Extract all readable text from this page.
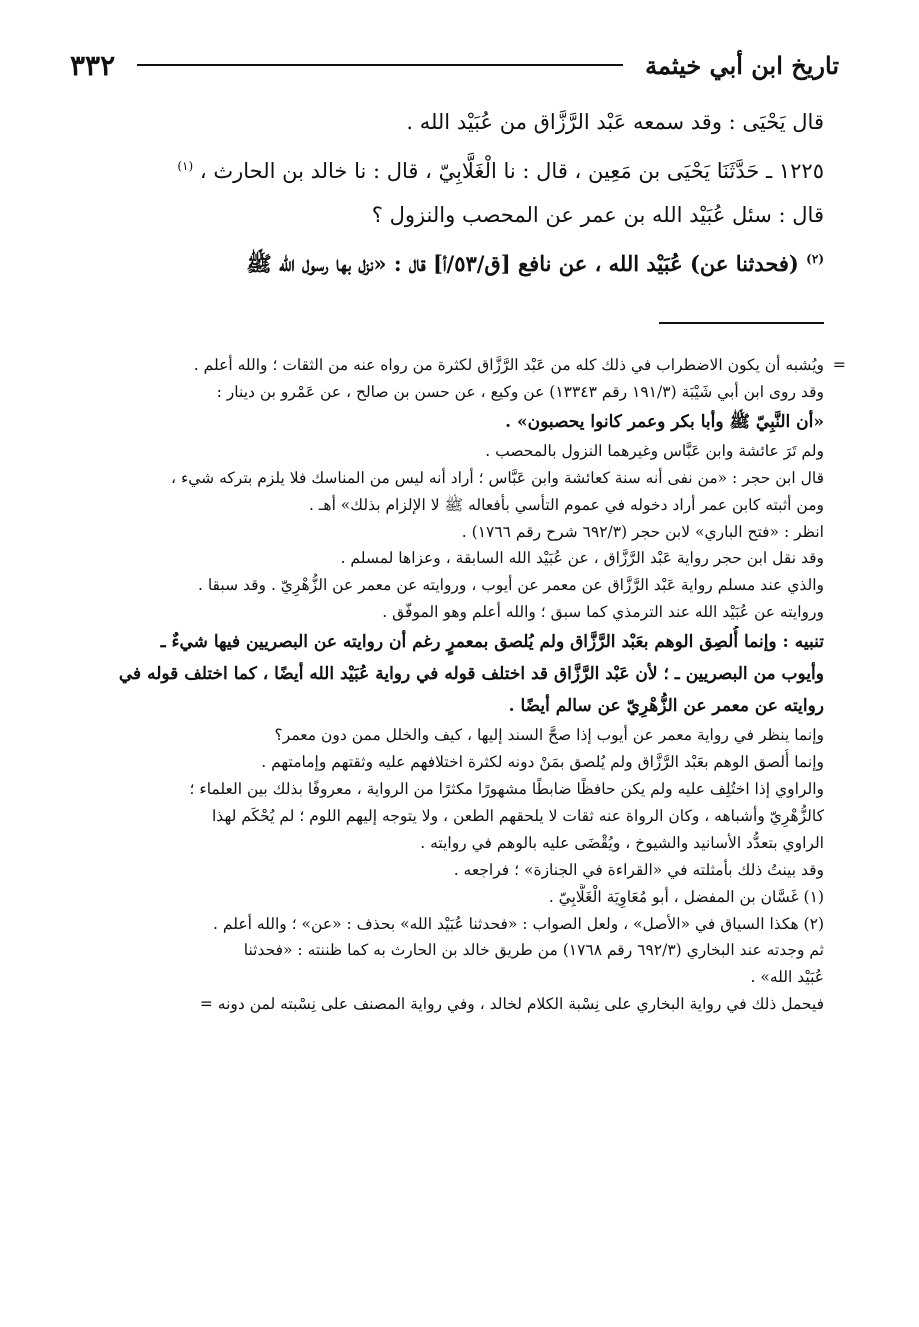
تاريخ ابن أبي خيثمة
٣٣٢

قال يَحْيَى : وقد سمعه عَبْد الرَّزَّاق من عُبَيْد الله .

١٢٢٥ ـ حَدَّثَنَا يَحْيَى بن مَعِين ، قال : نا الْغَلَّابِيّ ، قال : نا خالد بن الحارث ، $^{(١)}$

قال : سئل عُبَيْد الله بن عمر عن المحصب والنزول ؟

$^{(٢)}$ (فحدثنا عن) عُبَيْد الله ، عن نافع [ق/٥٣/أ] قال : «نزل بها رسول الله ﷺ

=

ويُشبه أن يكون الاضطراب في ذلك كله من عَبْد الرَّزَّاق لكثرة من رواه عنه من الثقات ؛ والله أعلم .

وقد روى ابن أبي شَيْبَة (١٩١/٣ رقم ١٣٣٤٣) عن وكيع ، عن حسن بن صالح ، عن عَمْرو بن دينار :

«أن النَّبِيّ ﷺ وأبا بكر وعمر كانوا يحصبون» .

ولم تَرَ عائشة وابن عَبَّاس وغيرهما النزول بالمحصب .

قال ابن حجر : «من نفى أنه سنة كعائشة وابن عَبَّاس ؛ أراد أنه ليس من المناسك فلا يلزم بتركه شيء ،

ومن أثبته كابن عمر أراد دخوله في عموم التأسي بأفعاله ﷺ لا الإلزام بذلك» أهـ .

انظر : «فتح الباري» لابن حجر (٦٩٢/٣ شرح رقم ١٧٦٦) .

وقد نقل ابن حجر رواية عَبْد الرَّزَّاق ، عن عُبَيْد الله السابقة ، وعزاها لمسلم .

والذي عند مسلم رواية عَبْد الرَّزَّاق عن معمر عن أيوب ، وروايته عن معمر عن الزُّهْرِيّ . وقد سبقا .

وروايته عن عُبَيْد الله عند الترمذي كما سبق ؛ والله أعلم وهو الموفّق .

تنبيه : وإنما أُلصِق الوهم بعَبْد الرَّزَّاق ولم يُلصق بمعمرٍ رغم أن روايته عن البصريين فيها شيءٌ ـ

وأيوب من البصريين ـ ؛ لأن عَبْد الرَّزَّاق قد اختلف قوله في رواية عُبَيْد الله أيضًا ، كما اختلف قوله في

روايته عن معمر عن الزُّهْرِيّ عن سالم أيضًا .

وإنما ينظر في رواية معمر عن أيوب إذا صحَّ السند إليها ، كيف والخلل ممن دون معمر؟

وإنما أُلصق الوهم بعَبْد الرَّزَّاق ولم يُلصق بمَنْ دونه لكثرة اختلافهم عليه وثقتهم وإمامتهم .

والراوي إذا اختُلِف عليه ولم يكن حافظًا ضابطًا مشهورًا مكثرًا من الرواية ، معروفًا بذلك بين العلماء ؛

كالزُّهْرِيّ وأشباهه ، وكان الرواة عنه ثقات لا يلحقهم الطعن ، ولا يتوجه إليهم اللوم ؛ لم يُحْكَم لهذا

الراوي بتعدُّد الأسانيد والشيوخ ، ويُقْضَى عليه بالوهم في روايته .

وقد بينتُ ذلك بأمثلته في «القراءة في الجنازة» ؛ فراجعه .

(١) غَسَّان بن المفضل ، أبو مُعَاوِيَة الْغَلَّابِيّ .

(٢) هكذا السياق في «الأصل» ، ولعل الصواب : «فحدثنا عُبَيْد الله» بحذف : «عن» ؛ والله أعلم .

ثم وجدته عند البخاري (٦٩٢/٣ رقم ١٧٦٨) من طريق خالد بن الحارث به كما ظننته : «فحدثنا

عُبَيْد الله» .

فيحمل ذلك في رواية البخاري على نِسْبة الكلام لخالد ، وفي رواية المصنف على نِسْبته لمن دونه =
